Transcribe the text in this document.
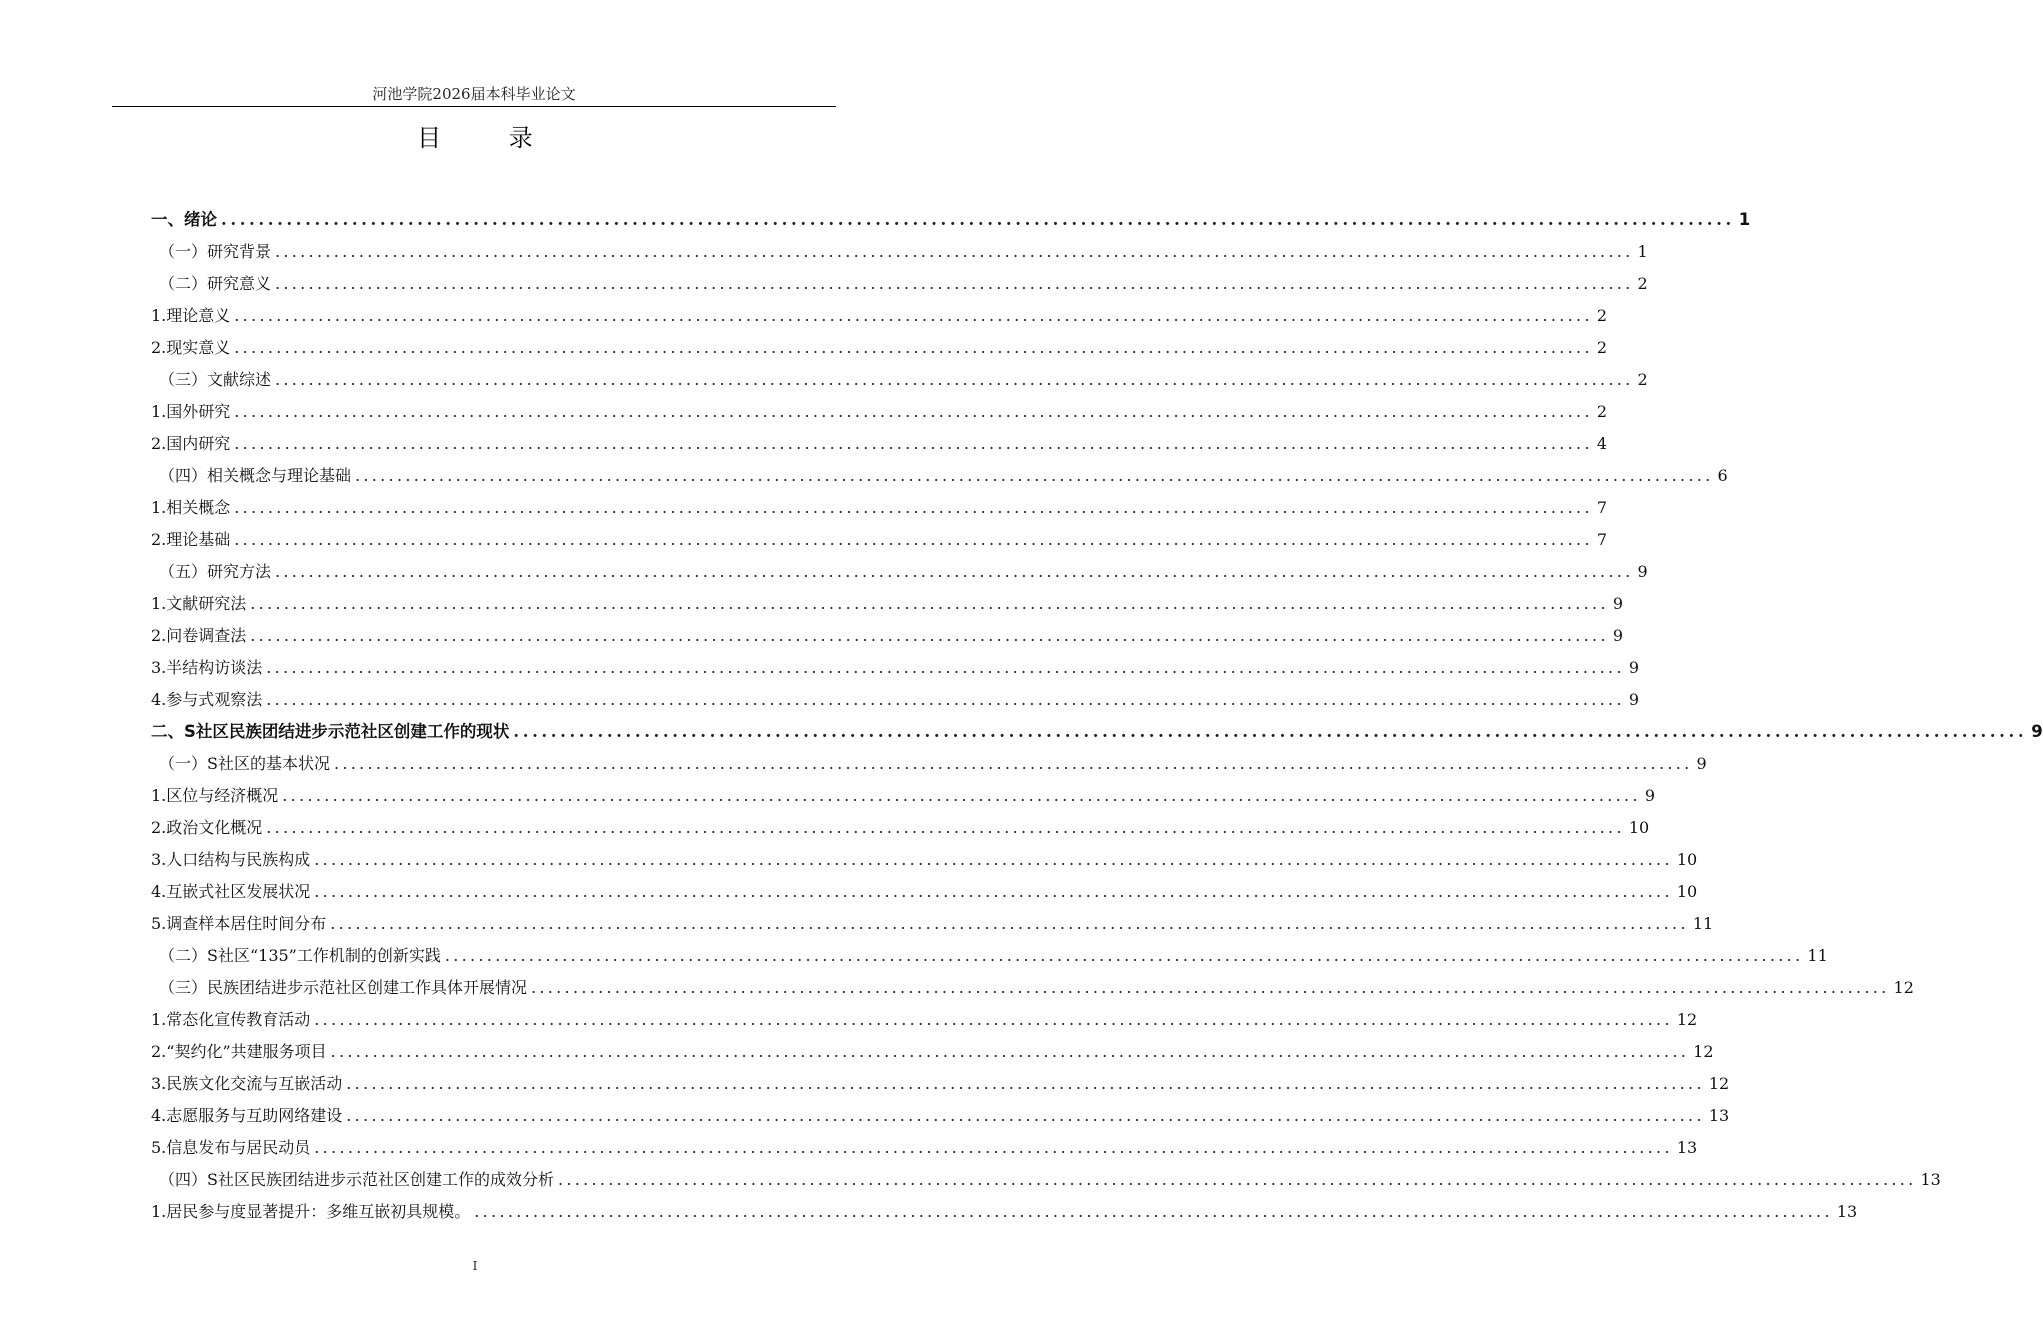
河池学院2026届本科毕业论文
目 录
一、绪论 .................................................................................................................................................................. 1
（一）研究背景 .................................................................................................................................................................. 1
（二）研究意义 .................................................................................................................................................................. 2
1.理论意义 .................................................................................................................................................................. 2
2.现实意义 .................................................................................................................................................................. 2
（三）文献综述 .................................................................................................................................................................. 2
1.国外研究 .................................................................................................................................................................. 2
2.国内研究 .................................................................................................................................................................. 4
（四）相关概念与理论基础 .................................................................................................................................................................. 6
1.相关概念 .................................................................................................................................................................. 7
2.理论基础 .................................................................................................................................................................. 7
（五）研究方法 .................................................................................................................................................................. 9
1.文献研究法 .................................................................................................................................................................. 9
2.问卷调查法 .................................................................................................................................................................. 9
3.半结构访谈法 .................................................................................................................................................................. 9
4.参与式观察法 .................................................................................................................................................................. 9
二、S社区民族团结进步示范社区创建工作的现状 .................................................................................................................................................................. 9
（一）S社区的基本状况 .................................................................................................................................................................. 9
1.区位与经济概况 .................................................................................................................................................................. 9
2.政治文化概况 .................................................................................................................................................................. 10
3.人口结构与民族构成 .................................................................................................................................................................. 10
4.互嵌式社区发展状况 .................................................................................................................................................................. 10
5.调查样本居住时间分布 .................................................................................................................................................................. 11
（二）S社区“135”工作机制的创新实践 .................................................................................................................................................................. 11
（三）民族团结进步示范社区创建工作具体开展情况 .................................................................................................................................................................. 12
1.常态化宣传教育活动 .................................................................................................................................................................. 12
2.“契约化”共建服务项目 .................................................................................................................................................................. 12
3.民族文化交流与互嵌活动 .................................................................................................................................................................. 12
4.志愿服务与互助网络建设 .................................................................................................................................................................. 13
5.信息发布与居民动员 .................................................................................................................................................................. 13
（四）S社区民族团结进步示范社区创建工作的成效分析 .................................................................................................................................................................. 13
1.居民参与度显著提升：多维互嵌初具规模。 .................................................................................................................................................................. 13
I
